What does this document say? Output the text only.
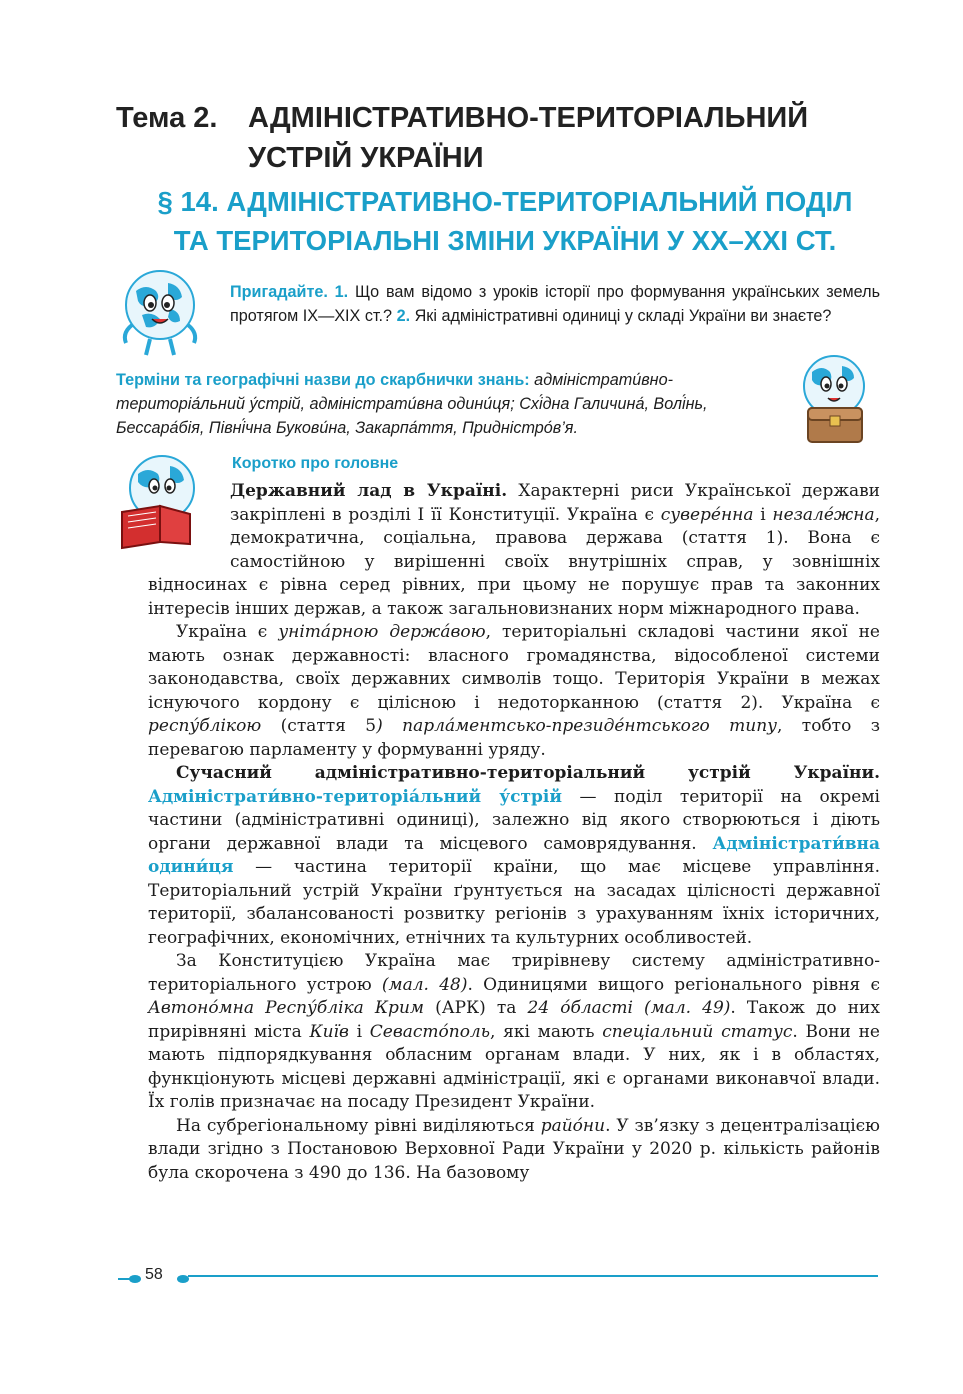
Тема 2. АДМІНІСТРАТИВНО-ТЕРИТОРІАЛЬНИЙ
УСТРІЙ УКРАЇНИ
§ 14. АДМІНІСТРАТИВНО-ТЕРИТОРІАЛЬНИЙ ПОДІЛ
ТА ТЕРИТОРІАЛЬНІ ЗМІНИ УКРАЇНИ У XX–XXI СТ.
Пригадайте. 1. Що вам відомо з уроків історії про формування українських земель протягом IX—XIX ст.? 2. Які адміністративні одиниці у складі України ви знаєте?
Терміни та географічні назви до скарбнички знань: адміністрати́вно-територіа́льний у́стрій, адміністрати́вна одини́ця; Схі́дна Галичина́, Волі́нь, Бессара́бія, Півні́чна Букови́на, Закарпа́ття, Придністро́в’я.
Коротко про головне

Державний лад в Україні. Характерні риси Української держави закріплені в розділі І її Конституції. Україна є сувере́нна і незале́жна, демократична, соціальна, правова держава (стаття 1). Вона є самостійною у вирішенні своїх внутрішніх справ, у зовнішніх відносинах є рівна серед рівних, при цьому не порушує прав та законних інтересів інших держав, а також загальновизнаних норм міжнародного права.

Україна є уніта́рною держа́вою, територіальні складові частини якої не мають ознак державності: власного громадянства, відособленої системи законодавства, своїх державних символів тощо. Територія України в межах існуючого кордону є цілісною і недоторканною (стаття 2). Україна є респу́блікою (стаття 5) парла́ментсько-президе́нтського типу, тобто з перевагою парламенту у формуванні уряду.

Сучасний адміністративно-територіальний устрій України. Адміністрати́вно-територіа́льний у́стрій — поділ території на окремі частини (адміністративні одиниці), залежно від якого створюються і діють органи державної влади та місцевого самоврядування. Адміністрати́вна одини́ця — частина території країни, що має місцеве управління. Територіальний устрій України ґрунтується на засадах цілісності державної території, збалансованості розвитку регіонів з урахуванням їхніх історичних, географічних, економічних, етнічних та культурних особливостей.

За Конституцією Україна має трирівневу систему адміністративно-територіального устрою (мал. 48). Одиницями вищого регіонального рівня є Автоно́мна Респу́бліка Крим (АРК) та 24 о́бласті (мал. 49). Також до них прирівняні міста Київ і Севасто́поль, які мають спеціальний статус. Вони не мають підпорядкування обласним органам влади. У них, як і в областях, функціонують місцеві державні адміністрації, які є органами виконавчої влади. Їх голів призначає на посаду Президент України.

На субрегіональному рівні виділяються райо́ни. У зв’язку з децентралізацією влади згідно з Постановою Верховної Ради України у 2020 р. кількість районів була скорочена з 490 до 136. На базовому

58
